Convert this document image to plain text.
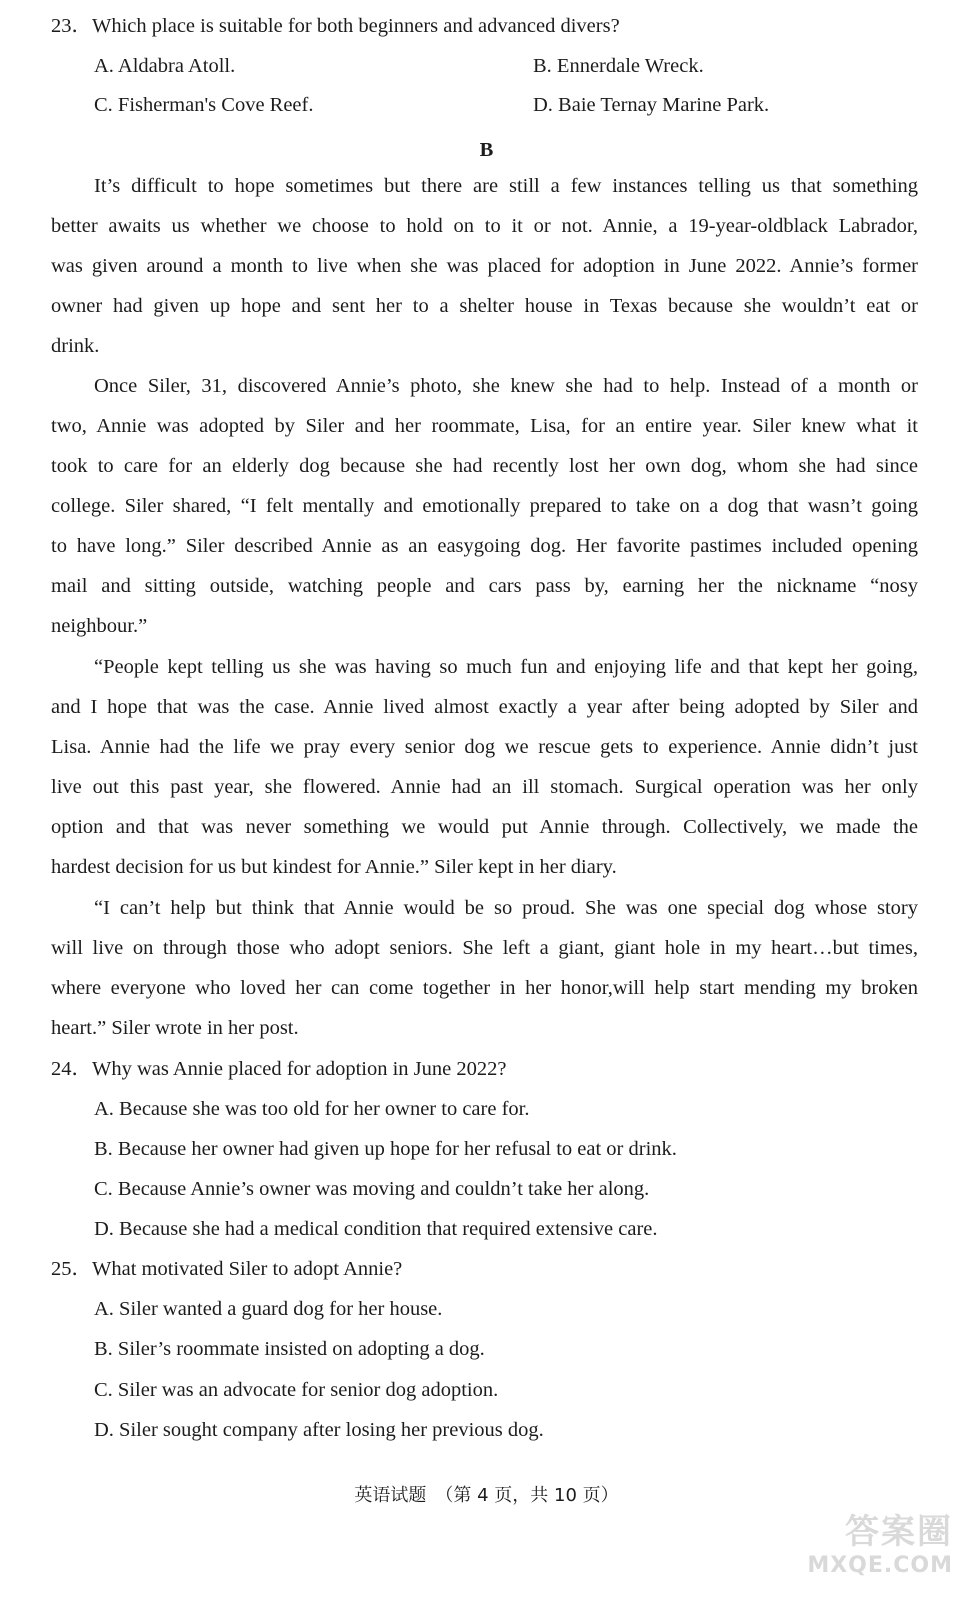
23．Which place is suitable for both beginners and advanced divers?
A. Aldabra Atoll.	B. Ennerdale Wreck.
C. Fisherman's Cove Reef.	D. Baie Ternay Marine Park.
B
It’s difficult to hope sometimes but there are still a few instances telling us that something
better awaits us whether we choose to hold on to it or not. Annie, a 19-year-oldblack Labrador,
was given around a month to live when she was placed for adoption in June 2022. Annie’s former
owner had given up hope and sent her to a shelter house in Texas because she wouldn’t eat or
drink.
Once Siler, 31, discovered Annie’s photo, she knew she had to help. Instead of a month or
two, Annie was adopted by Siler and her roommate, Lisa, for an entire year. Siler knew what it
took to care for an elderly dog because she had recently lost her own dog, whom she had since
college. Siler shared, “I felt mentally and emotionally prepared to take on a dog that wasn’t going
to have long.” Siler described Annie as an easygoing dog. Her favorite pastimes included opening
mail and sitting outside, watching people and cars pass by, earning her the nickname “nosy
neighbour.”
“People kept telling us she was having so much fun and enjoying life and that kept her going,
and I hope that was the case. Annie lived almost exactly a year after being adopted by Siler and
Lisa. Annie had the life we pray every senior dog we rescue gets to experience. Annie didn’t just
live out this past year, she flowered. Annie had an ill stomach. Surgical operation was her only
option and that was never something we would put Annie through. Collectively, we made the
hardest decision for us but kindest for Annie.” Siler kept in her diary.
“I can’t help but think that Annie would be so proud. She was one special dog whose story
will live on through those who adopt seniors. She left a giant, giant hole in my heart…but times,
where everyone who loved her can come together in her honor,will help start mending my broken
heart.” Siler wrote in her post.
24．Why was Annie placed for adoption in June 2022?
A. Because she was too old for her owner to care for.
B. Because her owner had given up hope for her refusal to eat or drink.
C. Because Annie’s owner was moving and couldn’t take her along.
D. Because she had a medical condition that required extensive care.
25．What motivated Siler to adopt Annie?
A. Siler wanted a guard dog for her house.
B. Siler’s roommate insisted on adopting a dog.
C. Siler was an advocate for senior dog adoption.
D. Siler sought company after losing her previous dog.
英语试题　（第 4 页，共 10 页）
答案圈
MXQE.COM
